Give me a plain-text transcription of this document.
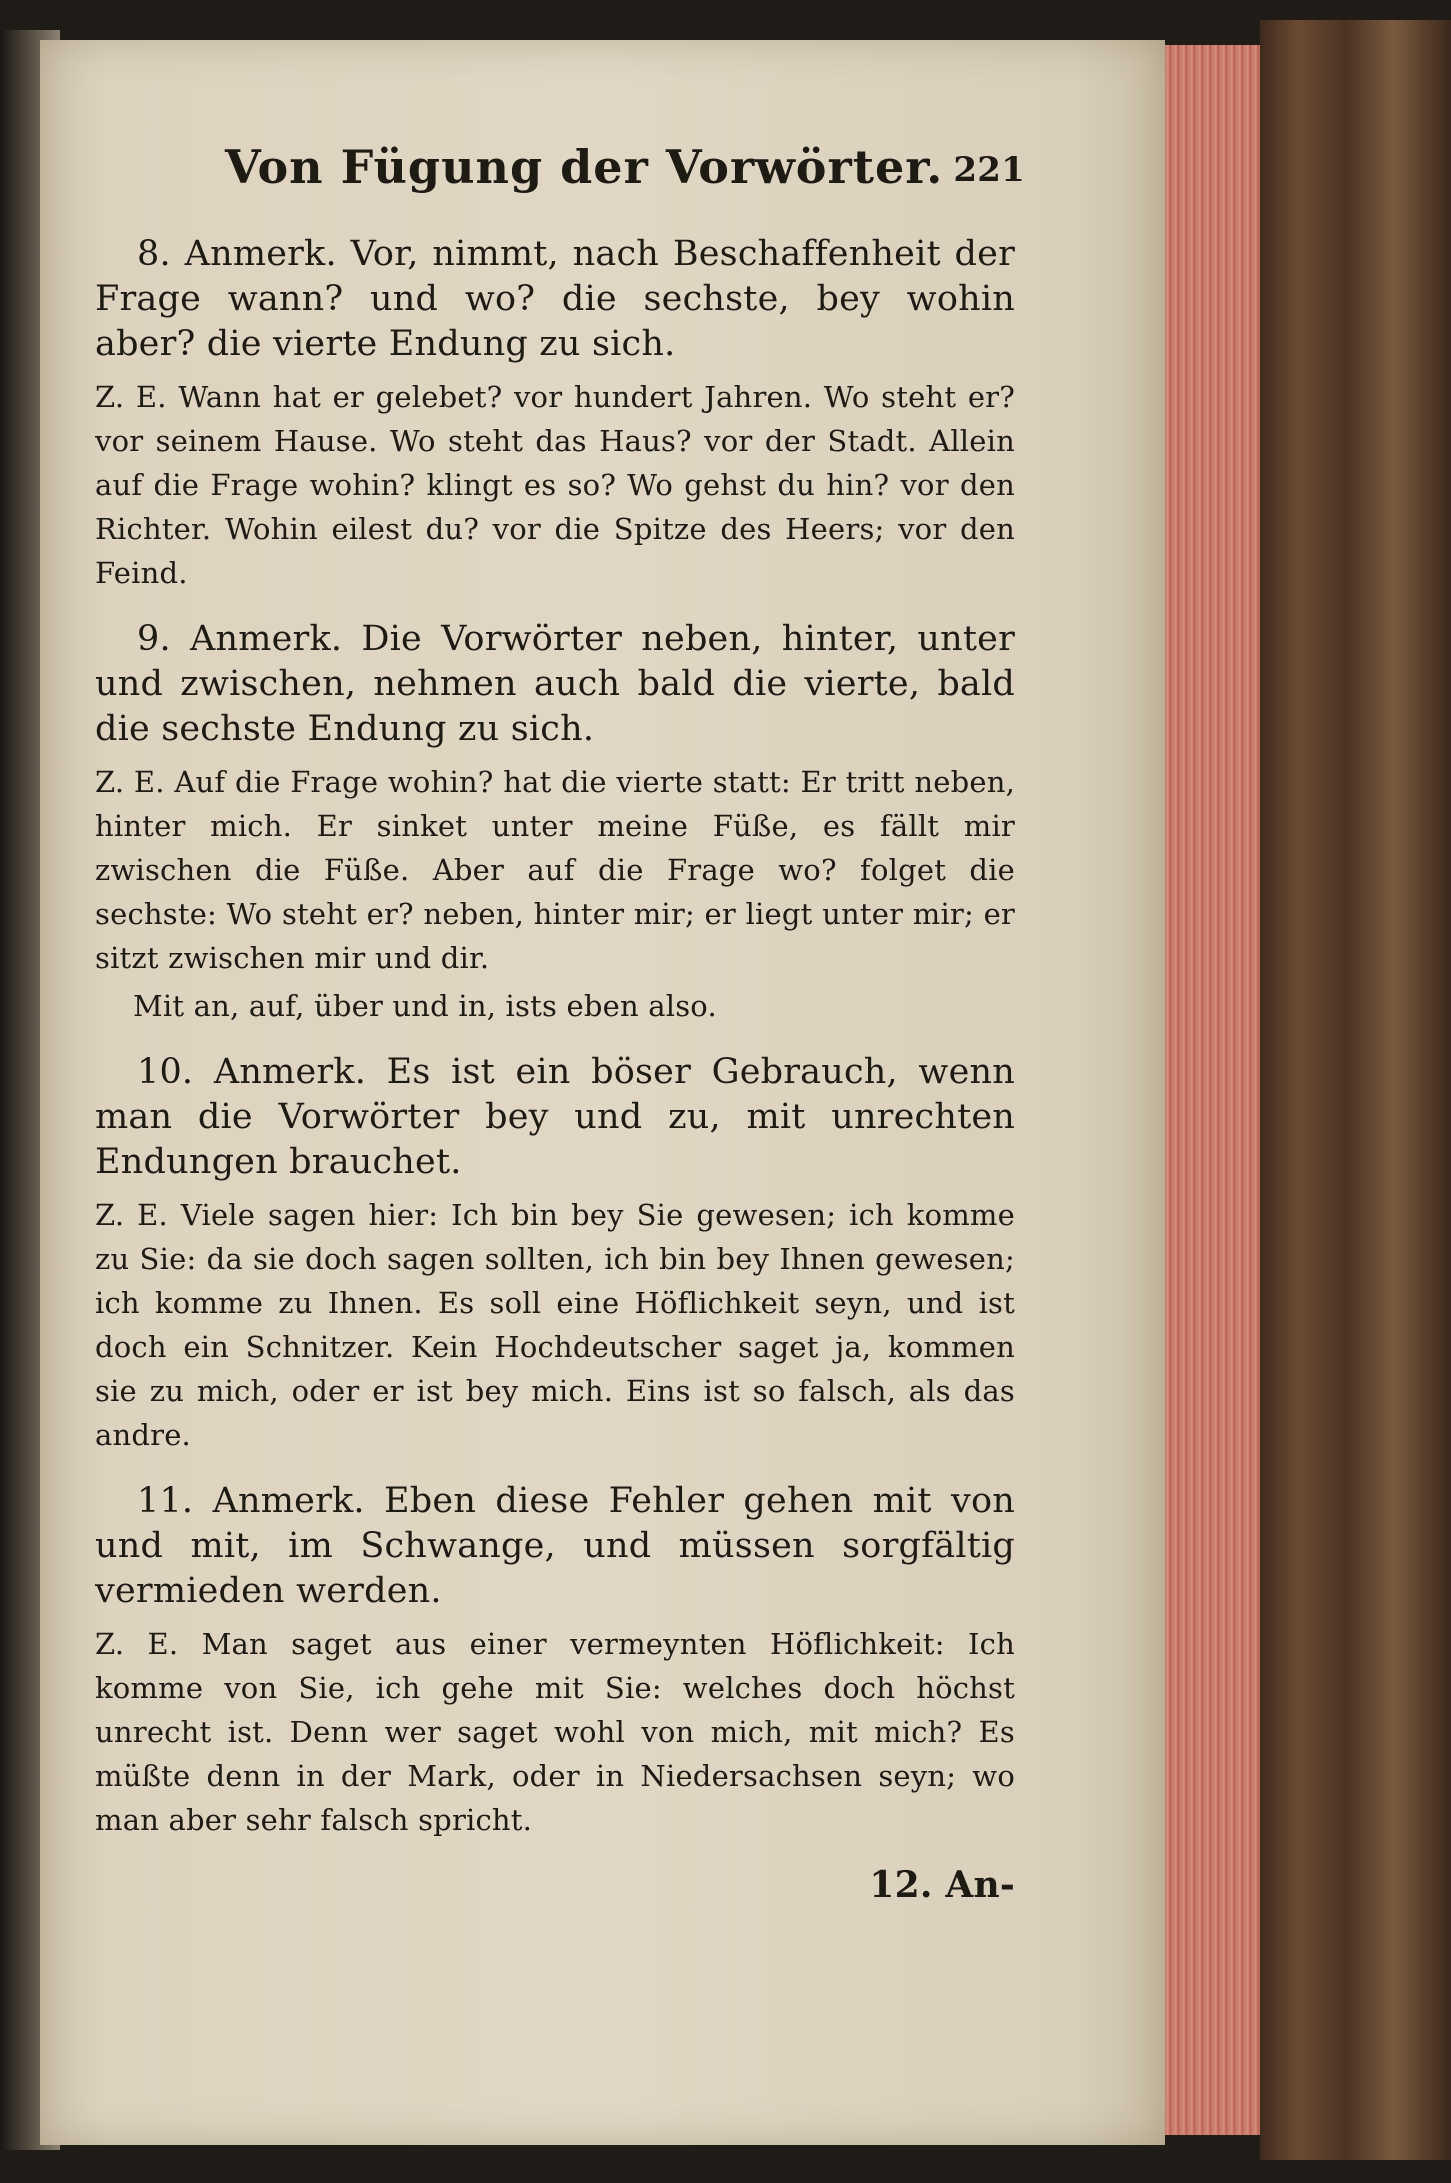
Von Fügung der Vorwörter. 221

8. Anmerk. Vor, nimmt, nach Beschaffenheit der Frage wann? und wo? die sechste, bey wohin aber? die vierte Endung zu sich.

Z. E. Wann hat er gelebet? vor hundert Jahren. Wo steht er? vor seinem Hause. Wo steht das Haus? vor der Stadt. Allein auf die Frage wohin? klingt es so? Wo gehst du hin? vor den Richter. Wohin eilest du? vor die Spitze des Heers; vor den Feind.

9. Anmerk. Die Vorwörter neben, hinter, unter und zwischen, nehmen auch bald die vierte, bald die sechste Endung zu sich.

Z. E. Auf die Frage wohin? hat die vierte statt: Er tritt neben, hinter mich. Er sinket unter meine Füße, es fällt mir zwischen die Füße. Aber auf die Frage wo? folget die sechste: Wo steht er? neben, hinter mir; er liegt unter mir; er sitzt zwischen mir und dir.

Mit an, auf, über und in, ists eben also.

10. Anmerk. Es ist ein böser Gebrauch, wenn man die Vorwörter bey und zu, mit unrechten Endungen brauchet.

Z. E. Viele sagen hier: Ich bin bey Sie gewesen; ich komme zu Sie: da sie doch sagen sollten, ich bin bey Ihnen gewesen; ich komme zu Ihnen. Es soll eine Höflichkeit seyn, und ist doch ein Schnitzer. Kein Hochdeutscher saget ja, kommen sie zu mich, oder er ist bey mich. Eins ist so falsch, als das andre.

11. Anmerk. Eben diese Fehler gehen mit von und mit, im Schwange, und müssen sorgfältig vermieden werden.

Z. E. Man saget aus einer vermeynten Höflichkeit: Ich komme von Sie, ich gehe mit Sie: welches doch höchst unrecht ist. Denn wer saget wohl von mich, mit mich? Es müßte denn in der Mark, oder in Niedersachsen seyn; wo man aber sehr falsch spricht.

12. An-
